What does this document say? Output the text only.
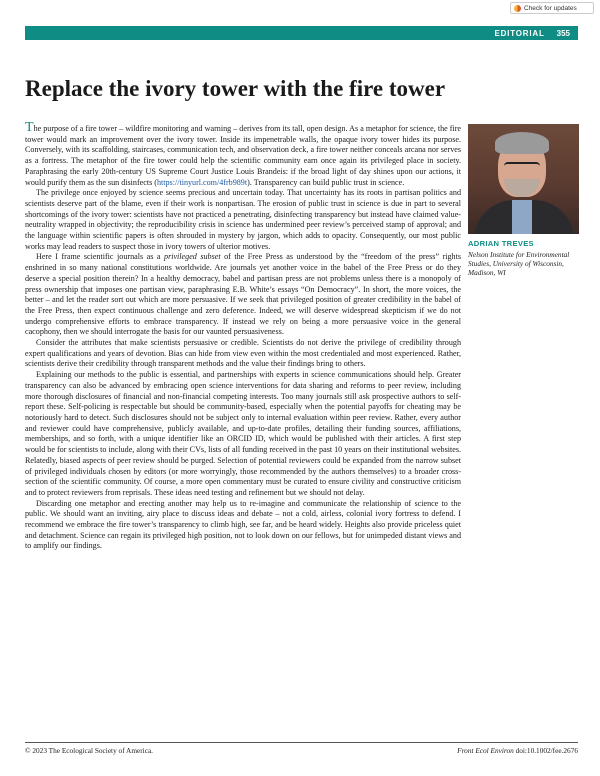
Check for updates
EDITORIAL 355
Replace the ivory tower with the fire tower

The purpose of a fire tower – wildfire monitoring and warning – derives from its tall, open design. As a metaphor for science, the fire tower would mark an improvement over the ivory tower. Inside its impenetrable walls, the opaque ivory tower hides its purpose. Conversely, with its scaffolding, staircases, communication tech, and observation deck, a fire tower neither conceals arcana nor serves as a fortress. The metaphor of the fire tower could help the scientific community earn once again its privileged place in society. Paraphrasing the early 20th-century US Supreme Court Justice Louis Brandeis: if the broad light of day shines upon our actions, it would purify them as the sun disinfects (https://tinyurl.com/4frb989t). Transparency can build public trust in science.

The privilege once enjoyed by science seems precious and uncertain today. That uncertainty has its roots in partisan politics and scientists deserve part of the blame, even if their work is nonpartisan. The erosion of public trust in science is due in part to several shortcomings of the ivory tower: scientists have not practiced a penetrating, disinfecting transparency but instead have claimed value-neutrality wrapped in objectivity; the reproducibility crisis in science has undermined peer review’s perceived stamp of approval; and the language within scientific papers is often shrouded in mystery by jargon, which adds to opacity. Consequently, our most public works may lead readers to suspect those in ivory towers of ulterior motives.

Here I frame scientific journals as a privileged subset of the Free Press as understood by the “freedom of the press” rights enshrined in so many national constitutions worldwide. Are journals yet another voice in the babel of the Free Press or do they deserve a special position therein? In a healthy democracy, babel and partisan press are not problems unless there is a monopoly of press ownership that imposes one partisan view, paraphrasing E.B. White’s essays “On Democracy”. In short, the more voices, the better – and let the reader sort out which are more persuasive. If we seek that privileged position of greater credibility in the babel of the Free Press, then expect continuous challenge and zero deference. Indeed, we will deserve widespread skepticism if we do not undergo comprehensive efforts to embrace transparency. If instead we rely on being a more persuasive voice in the general cacophony, then we should interrogate the basis for our vaunted persuasiveness.

Consider the attributes that make scientists persuasive or credible. Scientists do not derive the privilege of credibility through expert qualifications and years of devotion. Bias can hide from view even within the most credentialed and most experienced. Rather, scientists derive their credibility through transparent methods and the value their findings bring to others.

Explaining our methods to the public is essential, and partnerships with experts in science communications should help. Greater transparency can also be advanced by embracing open science interventions for data sharing and reforms to peer review, including more thorough disclosures of financial and non-financial competing interests. Too many journals still ask prospective authors to self-report these. Self-policing is respectable but should be community-based, especially when the potential payoffs for cheating may be notoriously hard to detect. Such disclosures should not be subject only to internal evaluation within peer review. Rather, every author and reviewer could have comprehensive, publicly available, and up-to-date profiles, detailing their funding sources, affiliations, memberships, and so forth, with a unique identifier like an ORCID ID, which would be published with their articles. A first step would be for scientists to include, along with their CVs, lists of all funding received in the past 10 years on their institutional websites. Relatedly, biased aspects of peer review should be purged. Selection of potential reviewers could be expanded from the narrow subset of privileged individuals chosen by editors (or more worryingly, those recommended by the authors themselves) to a broader cross-section of the scientific community. Of course, a more open commentary must be curated to ensure civility and constructive criticism and to protect reviewers from reprisals. These ideas need testing and refinement but we should not delay.

Discarding one metaphor and erecting another may help us to re-imagine and communicate the relationship of science to the public. We should want an inviting, airy place to discuss ideas and debate – not a cold, airless, colonial ivory fortress to defend. I recommend we embrace the fire tower’s transparency to climb high, see far, and be heard widely. Heights also provide priceless quiet and detachment. Science can regain its privileged high position, not to look down on our fellows, but for unimpeded distant views and to amplify our findings.

ADRIAN TREVES
Nelson Institute for Environmental Studies, University of Wisconsin, Madison, WI
© 2023 The Ecological Society of America.	Front Ecol Environ doi:10.1002/fee.2676
